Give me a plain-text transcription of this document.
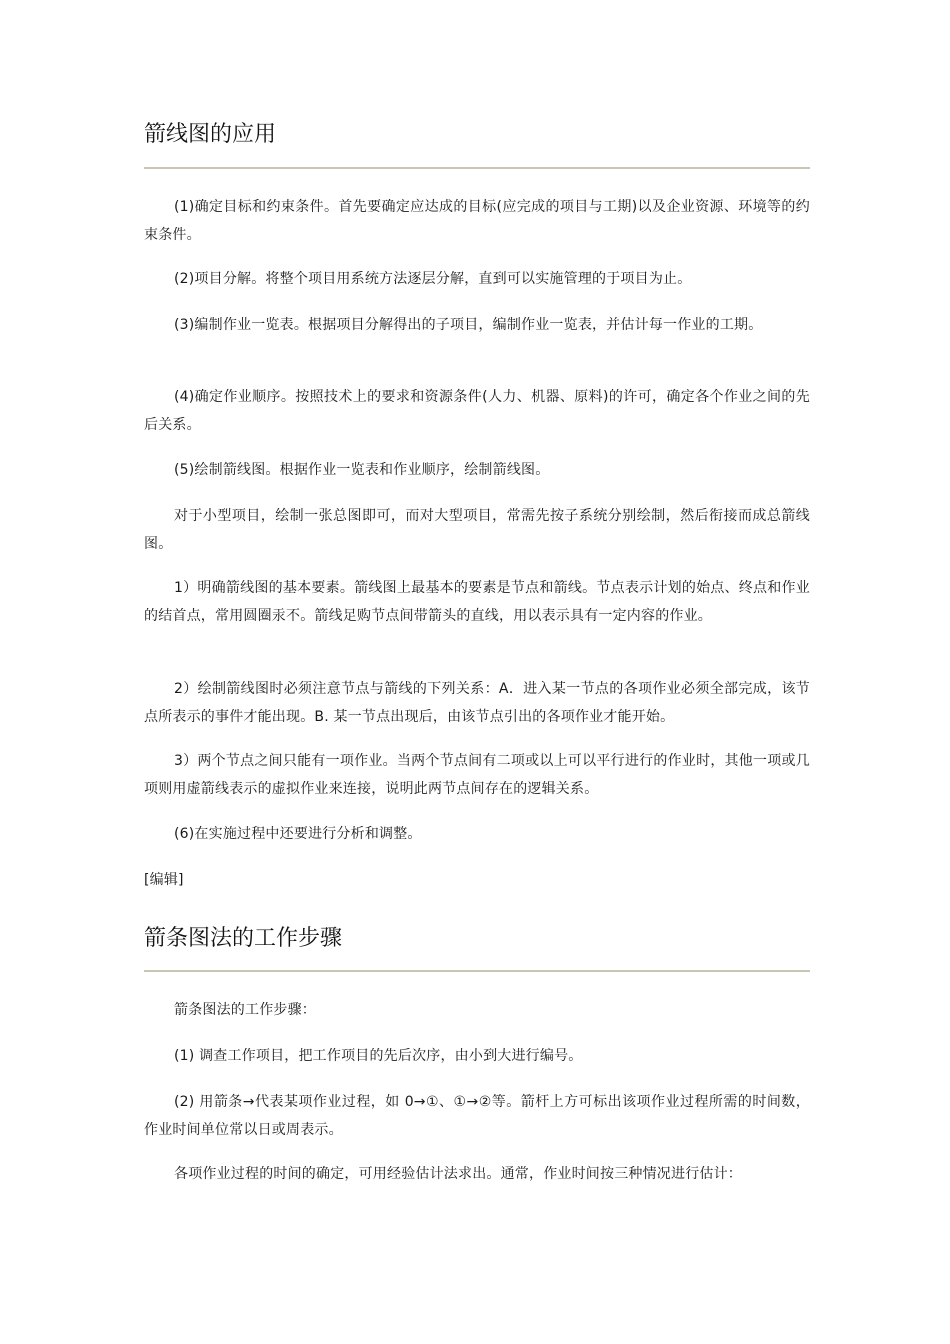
箭线图的应用
(1)确定目标和约束条件。首先要确定应达成的目标(应完成的项目与工期)以及企业资源、环境等的约束条件。
(2)项目分解。将整个项目用系统方法逐层分解，直到可以实施管理的于项目为止。
(3)编制作业一览表。根据项目分解得出的子项目，编制作业一览表，并估计每一作业的工期。
(4)确定作业顺序。按照技术上的要求和资源条件(人力、机器、原料)的许可，确定各个作业之间的先后关系。
(5)绘制箭线图。根据作业一览表和作业顺序，绘制箭线图。
对于小型项目，绘制一张总图即可，而对大型项目，常需先按子系统分别绘制，然后衔接而成总箭线图。
1）明确箭线图的基本要素。箭线图上最基本的要素是节点和箭线。节点表示计划的始点、终点和作业的结首点，常用圆圈汞不。箭线足购节点间带箭头的直线，用以表示具有一定内容的作业。
2）绘制箭线图时必须注意节点与箭线的下列关系：A．进入某一节点的各项作业必须全部完成，该节点所表示的事件才能出现。B. 某一节点出现后，由该节点引出的各项作业才能开始。
3）两个节点之间只能有一项作业。当两个节点间有二项或以上可以平行进行的作业时，其他一项或几项则用虚箭线表示的虚拟作业来连接，说明此两节点间存在的逻辑关系。
(6)在实施过程中还要进行分析和调整。
[编辑]
箭条图法的工作步骤
箭条图法的工作步骤：
(1) 调查工作项目，把工作项目的先后次序，由小到大进行编号。
(2) 用箭条→代表某项作业过程，如 0→①、①→②等。箭杆上方可标出该项作业过程所需的时间数，作业时间单位常以日或周表示。
各项作业过程的时间的确定，可用经验估计法求出。通常，作业时间按三种情况进行估计：
